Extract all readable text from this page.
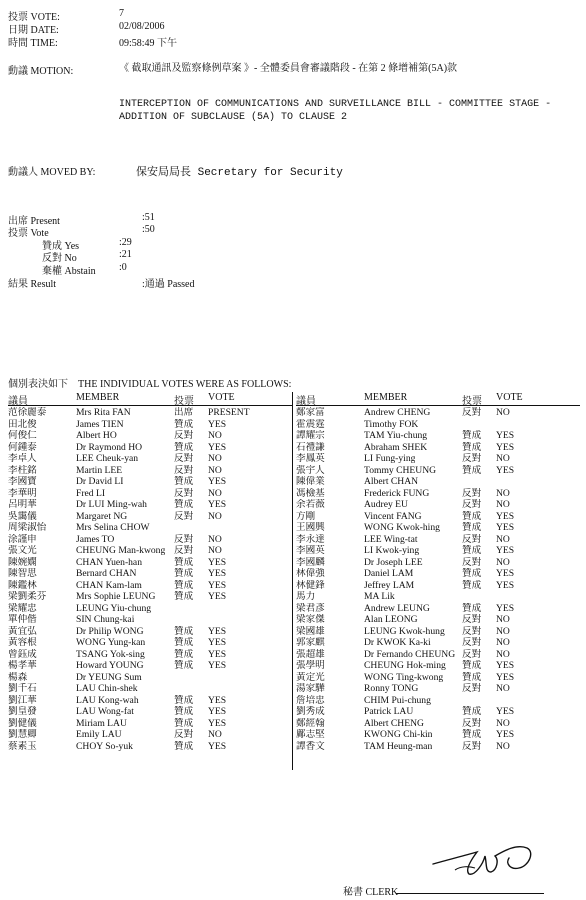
投票 VOTE:	7
日期 DATE:	02/08/2006
時間 TIME:	09:58:49 下午
動議 MOTION:	《 截取通訊及監察條例草案 》- 全體委員會審議階段 - 在第 2 條增補第(5A)款
INTERCEPTION OF COMMUNICATIONS AND SURVEILLANCE BILL - COMMITTEE STAGE - ADDITION OF SUBCLAUSE (5A) TO CLAUSE 2
動議人 MOVED BY:	保安局局長 Secretary for Security
出席 Present	:51
投票 Vote	:50
贊成 Yes	:29
反對 No	:21
棄權 Abstain :0
結果 Result	:通過 Passed
個別表決如下    THE INDIVIDUAL VOTES WERE AS FOLLOWS:
議員	MEMBER	投票 VOTE
范徐麗泰	Mrs Rita FAN	出席 PRESENT
田北俊	James TIEN	贊成 YES
何俊仁	Albert HO	反對 NO
何鍾泰	Dr Raymond HO	贊成 YES
李卓人	LEE Cheuk-yan	反對 NO
李柱銘	Martin LEE	反對 NO
李國寶	Dr David LI	贊成 YES
李華明	Fred LI	反對 NO
呂明華	Dr LUI Ming-wah	贊成 YES
吳靄儀	Margaret NG	反對 NO
周梁淑怡	Mrs Selina CHOW
涂謹申	James TO	反對 NO
張文光	CHEUNG Man-kwong 反對 NO
陳婉嫻	CHAN Yuen-han	贊成 YES
陳智思	Bernard CHAN	贊成 YES
陳鑑林	CHAN Kam-lam	贊成 YES
梁劉柔芬	Mrs Sophie LEUNG 贊成 YES
梁耀忠	LEUNG Yiu-chung
單仲偕	SIN Chung-kai
黃宜弘	Dr Philip WONG	贊成 YES
黃容根	WONG Yung-kan	贊成 YES
曾鈺成	TSANG Yok-sing	贊成 YES
楊孝華	Howard YOUNG	贊成 YES
楊森	Dr YEUNG Sum
劉千石	LAU Chin-shek
劉江華	LAU Kong-wah	贊成 YES
劉皇發	LAU Wong-fat	贊成 YES
劉健儀	Miriam LAU	贊成 YES
劉慧卿	Emily LAU	反對 NO
蔡素玉	CHOY So-yuk	贊成 YES
議員	MEMBER	投票 VOTE
鄭家富	Andrew CHENG	反對 NO
霍震霆	Timothy FOK
譚耀宗	TAM Yiu-chung	贊成 YES
石禮謙	Abraham SHEK	贊成 YES
李鳳英	LI Fung-ying	反對 NO
張宇人	Tommy CHEUNG	贊成 YES
陳偉業	Albert CHAN
馮檢基	Frederick FUNG	反對 NO
余若薇	Audrey EU	反對 NO
方剛	Vincent FANG	贊成 YES
王國興	WONG Kwok-hing 贊成 YES
李永達	LEE Wing-tat	反對 NO
李國英	LI Kwok-ying	贊成 YES
李國麟	Dr Joseph LEE	反對 NO
林偉強	Daniel LAM	贊成 YES
林健鋒	Jeffrey LAM	贊成 YES
馬力	MA Lik
梁君彥	Andrew LEUNG	贊成 YES
梁家傑	Alan LEONG	反對 NO
梁國雄	LEUNG Kwok-hung 反對 NO
郭家麒	Dr KWOK Ka-ki	反對 NO
張超雄	Dr Fernando CHEUNG 反對 NO
張學明	CHEUNG Hok-ming 贊成 YES
黃定光	WONG Ting-kwong 贊成 YES
湯家驊	Ronny TONG	反對 NO
詹培忠	CHIM Pui-chung
劉秀成	Patrick LAU	贊成 YES
鄭經翰	Albert CHENG	反對 NO
鄺志堅	KWONG Chi-kin	贊成 YES
譚香文	TAM Heung-man	反對 NO
秘書 CLERK
